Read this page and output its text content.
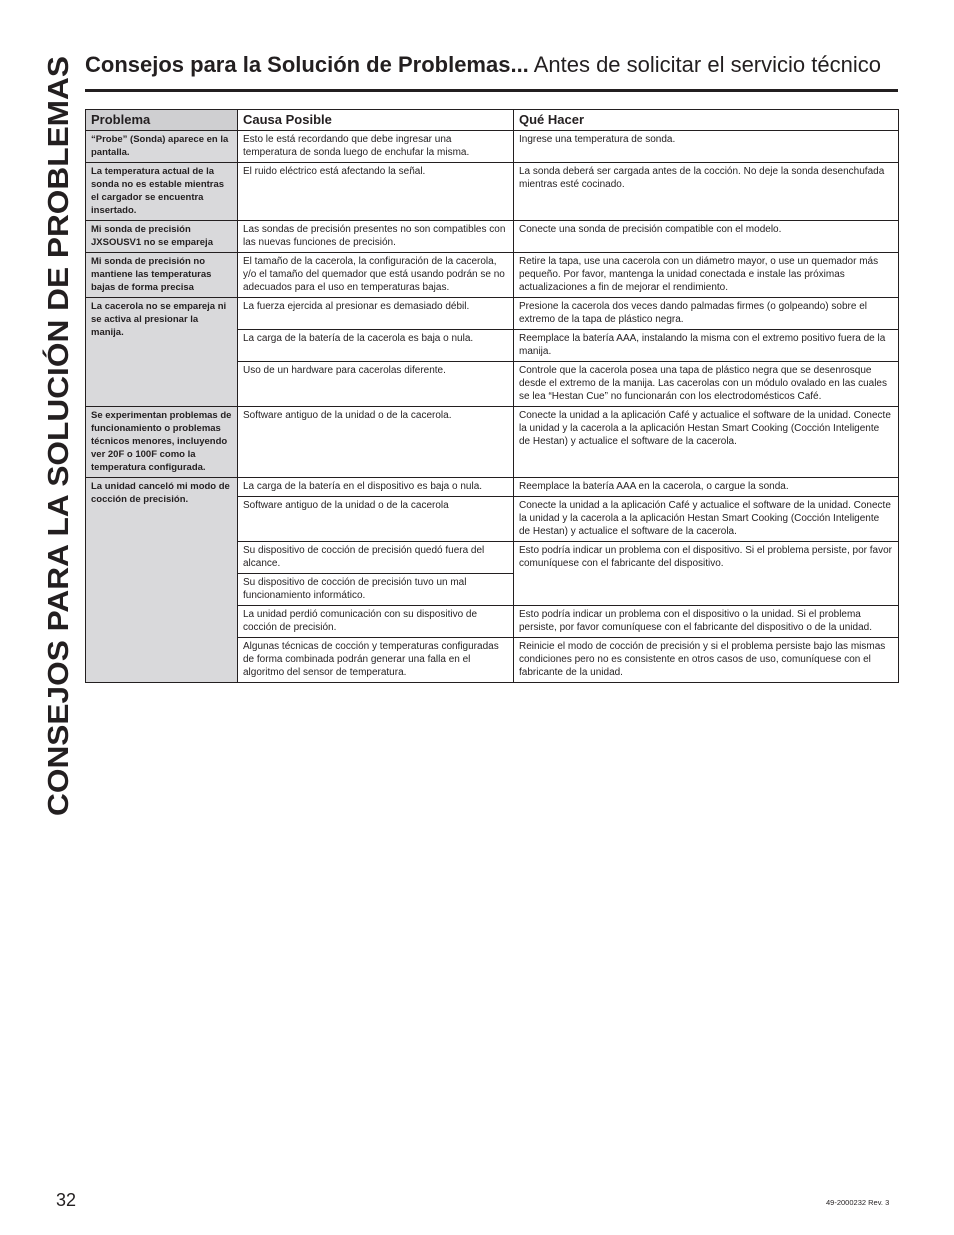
CONSEJOS PARA LA SOLUCIÓN DE PROBLEMAS
Consejos para la Solución de Problemas... Antes de solicitar el servicio técnico
Problema	Causa Posible	Qué Hacer
“Probe” (Sonda) aparece en la pantalla.	Esto le está recordando que debe ingresar una temperatura de sonda luego de enchufar la misma.	Ingrese una temperatura de sonda.
La temperatura actual de la sonda no es estable mientras el cargador se encuentra insertado.	El ruido eléctrico está afectando la señal.	La sonda deberá ser cargada antes de la cocción. No deje la sonda desenchufada mientras esté cocinado.
Mi sonda de precisión JXSOUSV1 no se empareja	Las sondas de precisión presentes no son compatibles con las nuevas funciones de precisión.	Conecte una sonda de precisión compatible con el modelo.
Mi sonda de precisión no mantiene las temperaturas bajas de forma precisa	El tamaño de la cacerola, la configuración de la cacerola, y/o el tamaño del quemador que está usando podrán se no adecuados para el uso en temperaturas bajas.	Retire la tapa, use una cacerola con un diámetro mayor, o use un quemador más pequeño. Por favor, mantenga la unidad conectada e instale las próximas actualizaciones a fin de mejorar el rendimiento.
La cacerola no se empareja ni se activa al presionar la manija.	La fuerza ejercida al presionar es demasiado débil.	Presione la cacerola dos veces dando palmadas firmes (o golpeando) sobre el extremo de la tapa de plástico negra.
	La carga de la batería de la cacerola es baja o nula.	Reemplace la batería AAA, instalando la misma con el extremo positivo fuera de la manija.
	Uso de un hardware para cacerolas diferente.	Controle que la cacerola posea una tapa de plástico negra que se desenrosque desde el extremo de la manija. Las cacerolas con un módulo ovalado en las cuales se lea “Hestan Cue” no funcionarán con los electrodomésticos Café.
Se experimentan problemas de funcionamiento o problemas técnicos menores, incluyendo ver 20F o 100F como la temperatura configurada.	Software antiguo de la unidad o de la cacerola.	Conecte la unidad a la aplicación Café y actualice el software de la unidad. Conecte la unidad y la cacerola a la aplicación Hestan Smart Cooking (Cocción Inteligente de Hestan) y actualice el software de la cacerola.
La unidad canceló mi modo de cocción de precisión.	La carga de la batería en el dispositivo es baja o nula.	Reemplace la batería AAA en la cacerola, o cargue la sonda.
	Software antiguo de la unidad o de la cacerola	Conecte la unidad a la aplicación Café y actualice el software de la unidad. Conecte la unidad y la cacerola a la aplicación Hestan Smart Cooking (Cocción Inteligente de Hestan) y actualice el software de la cacerola.
	Su dispositivo de cocción de precisión quedó fuera del alcance.	Esto podría indicar un problema con el dispositivo. Si el problema persiste, por favor comuníquese con el fabricante del dispositivo.
	Su dispositivo de cocción de precisión tuvo un mal funcionamiento informático.	
	La unidad perdió comunicación con su dispositivo de cocción de precisión.	Esto podría indicar un problema con el dispositivo o la unidad. Si el problema persiste, por favor comuníquese con el fabricante del dispositivo o de la unidad.
	Algunas técnicas de cocción y temperaturas configuradas de forma combinada podrán generar una falla en el algoritmo del sensor de temperatura.	Reinicie el modo de cocción de precisión y si el problema persiste bajo las mismas condiciones pero no es consistente en otros casos de uso, comuníquese con el fabricante de la unidad.
32	49-2000232 Rev. 3
